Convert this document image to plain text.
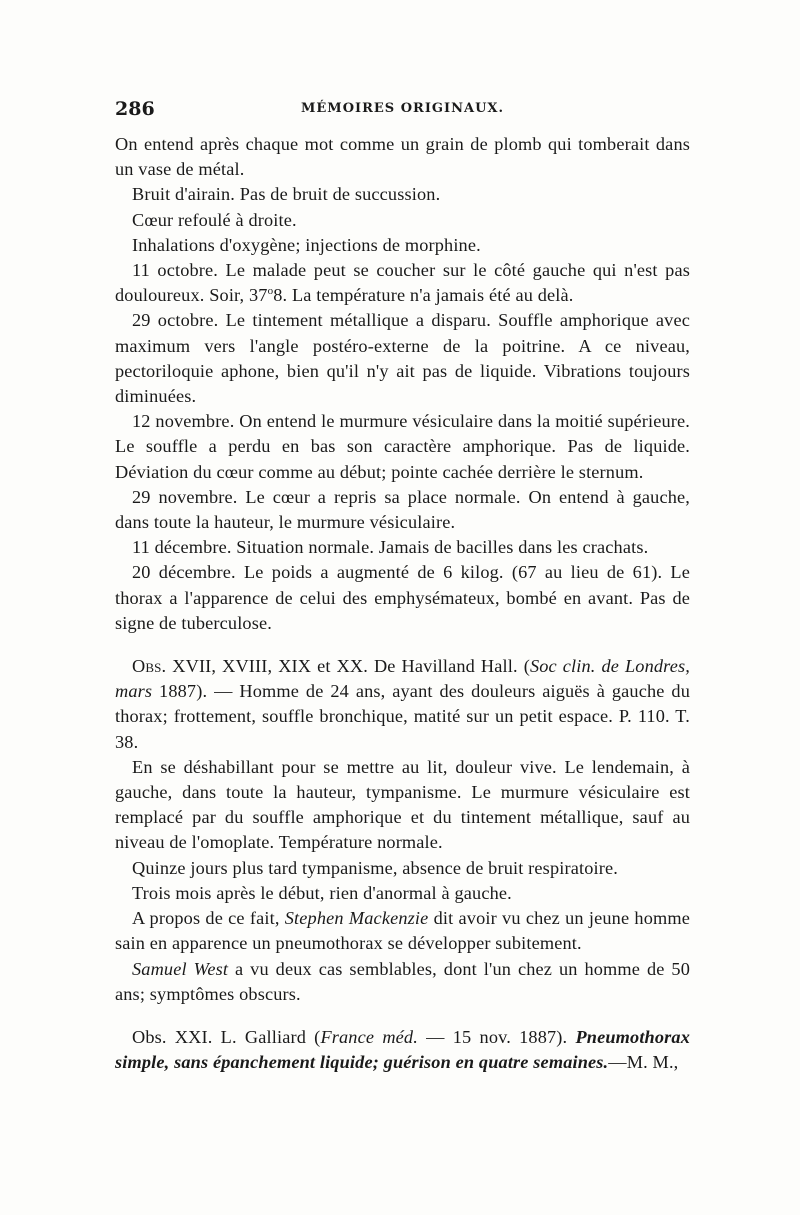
286	MÉMOIRES ORIGINAUX.

On entend après chaque mot comme un grain de plomb qui tomberait dans un vase de métal.

Bruit d'airain. Pas de bruit de succussion.

Cœur refoulé à droite.

Inhalations d'oxygène; injections de morphine.

11 octobre. Le malade peut se coucher sur le côté gauche qui n'est pas douloureux. Soir, 37$^o$8. La température n'a jamais été au delà.

29 octobre. Le tintement métallique a disparu. Souffle amphorique avec maximum vers l'angle postéro-externe de la poitrine. A ce niveau, pectoriloquie aphone, bien qu'il n'y ait pas de liquide. Vibrations toujours diminuées.

12 novembre. On entend le murmure vésiculaire dans la moitié supérieure. Le souffle a perdu en bas son caractère amphorique. Pas de liquide. Déviation du cœur comme au début; pointe cachée derrière le sternum.

29 novembre. Le cœur a repris sa place normale. On entend à gauche, dans toute la hauteur, le murmure vésiculaire.

11 décembre. Situation normale. Jamais de bacilles dans les crachats.

20 décembre. Le poids a augmenté de 6 kilog. (67 au lieu de 61). Le thorax a l'apparence de celui des emphysémateux, bombé en avant. Pas de signe de tuberculose.

Obs. XVII, XVIII, XIX et XX. De Havilland Hall. (Soc clin. de Londres, mars 1887). — Homme de 24 ans, ayant des douleurs aiguës à gauche du thorax; frottement, souffle bronchique, matité sur un petit espace. P. 110. T. 38.

En se déshabillant pour se mettre au lit, douleur vive. Le lendemain, à gauche, dans toute la hauteur, tympanisme. Le murmure vésiculaire est remplacé par du souffle amphorique et du tintement métallique, sauf au niveau de l'omoplate. Température normale.

Quinze jours plus tard tympanisme, absence de bruit respiratoire.

Trois mois après le début, rien d'anormal à gauche.

A propos de ce fait, Stephen Mackenzie dit avoir vu chez un jeune homme sain en apparence un pneumothorax se développer subitement.

Samuel West a vu deux cas semblables, dont l'un chez un homme de 50 ans; symptômes obscurs.

Obs. XXI. L. Galliard (France méd. — 15 nov. 1887). Pneumothorax simple, sans épanchement liquide; guérison en quatre semaines.—M. M.,
